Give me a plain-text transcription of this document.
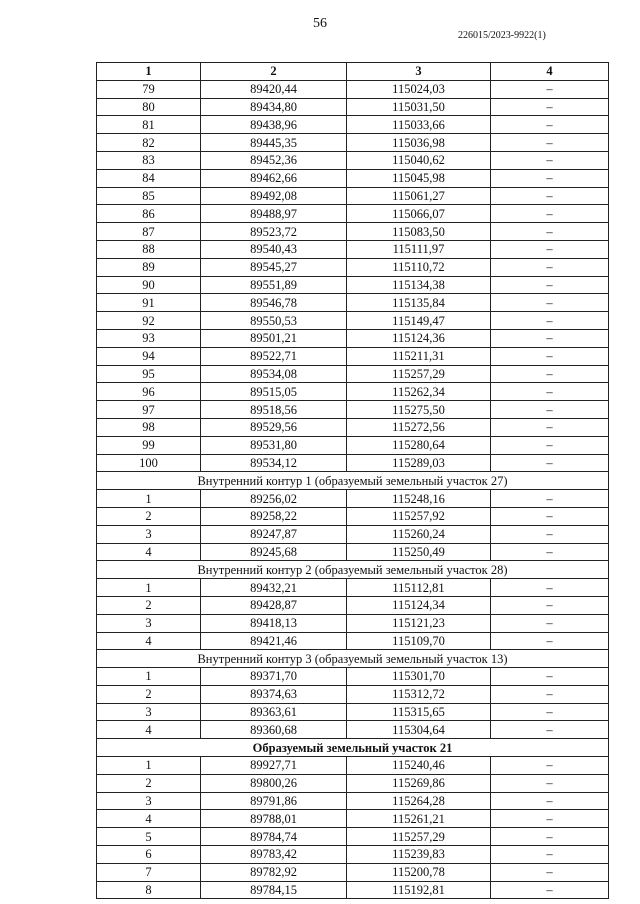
56
226015/2023-9922(1)
1	2	3	4
79	89420,44	115024,03	–
80	89434,80	115031,50	–
81	89438,96	115033,66	–
82	89445,35	115036,98	–
83	89452,36	115040,62	–
84	89462,66	115045,98	–
85	89492,08	115061,27	–
86	89488,97	115066,07	–
87	89523,72	115083,50	–
88	89540,43	115111,97	–
89	89545,27	115110,72	–
90	89551,89	115134,38	–
91	89546,78	115135,84	–
92	89550,53	115149,47	–
93	89501,21	115124,36	–
94	89522,71	115211,31	–
95	89534,08	115257,29	–
96	89515,05	115262,34	–
97	89518,56	115275,50	–
98	89529,56	115272,56	–
99	89531,80	115280,64	–
100	89534,12	115289,03	–
Внутренний контур 1 (образуемый земельный участок 27)			
1	89256,02	115248,16	–
2	89258,22	115257,92	–
3	89247,87	115260,24	–
4	89245,68	115250,49	–
Внутренний контур 2 (образуемый земельный участок 28)			
1	89432,21	115112,81	–
2	89428,87	115124,34	–
3	89418,13	115121,23	–
4	89421,46	115109,70	–
Внутренний контур 3 (образуемый земельный участок 13)			
1	89371,70	115301,70	–
2	89374,63	115312,72	–
3	89363,61	115315,65	–
4	89360,68	115304,64	–
Образуемый земельный участок 21			
1	89927,71	115240,46	–
2	89800,26	115269,86	–
3	89791,86	115264,28	–
4	89788,01	115261,21	–
5	89784,74	115257,29	–
6	89783,42	115239,83	–
7	89782,92	115200,78	–
8	89784,15	115192,81	–
